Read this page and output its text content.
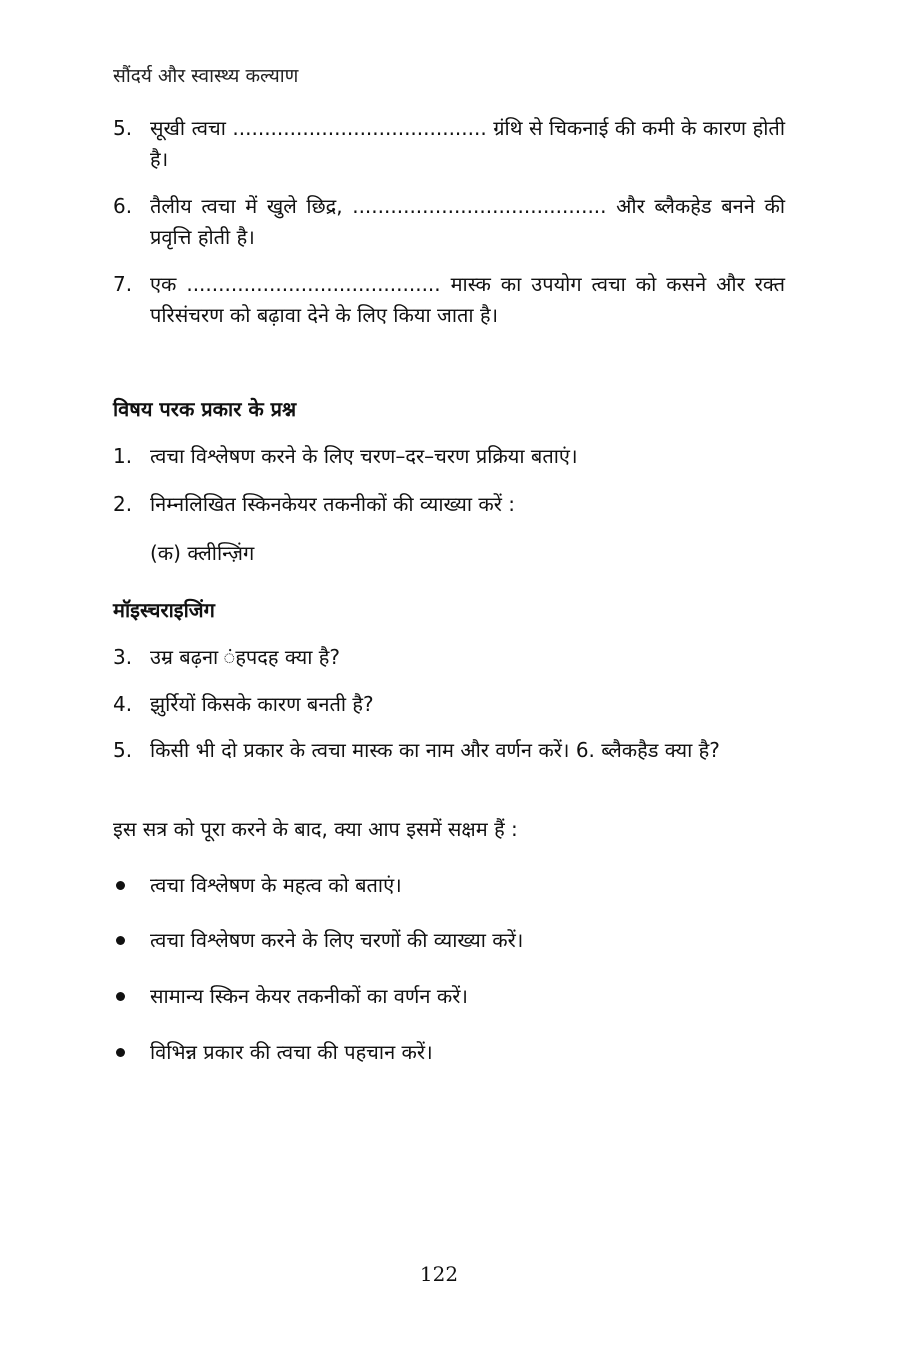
सौंदर्य और स्वास्थ्य कल्याण
5. सूखी त्वचा ........................................ ग्रंथि से चिकनाई की कमी के कारण होती है।
6. तैलीय त्वचा में खुले छिद्र, ........................................ और ब्लैकहेड बनने की प्रवृत्ति होती है।
7. एक ........................................ मास्क का उपयोग त्वचा को कसने और रक्त परिसंचरण को बढ़ावा देने के लिए किया जाता है।
विषय परक प्रकार के प्रश्न
1. त्वचा विश्लेषण करने के लिए चरण–दर–चरण प्रक्रिया बताएं।
2. निम्नलिखित स्किनकेयर तकनीकों की व्याख्या करें :
(क) क्लीन्ज़िंग
मॉइस्चराइजिंग
3. उम्र बढ़ना ंहपदह क्या है?
4. झुर्रियों किसके कारण बनती है?
5. किसी भी दो प्रकार के त्वचा मास्क का नाम और वर्णन करें। 6. ब्लैकहैड क्या है?
इस सत्र को पूरा करने के बाद, क्या आप इसमें सक्षम हैं :
त्वचा विश्लेषण के महत्व को बताएं।
त्वचा विश्लेषण करने के लिए चरणों की व्याख्या करें।
सामान्य स्किन केयर तकनीकों का वर्णन करें।
विभिन्न प्रकार की त्वचा की पहचान करें।
122
